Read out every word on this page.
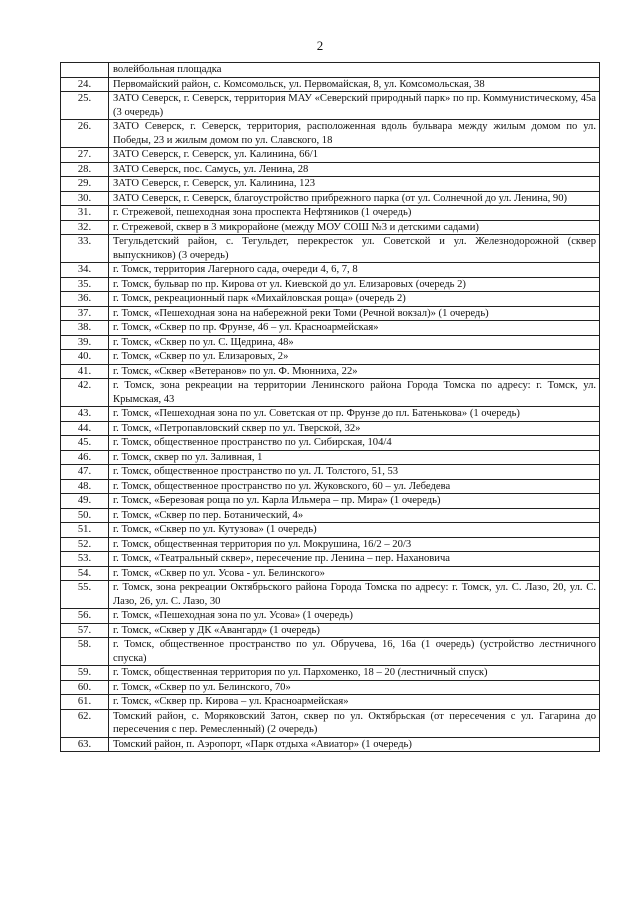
2
	волейбольная площадка
24.	Первомайский район, с. Комсомольск, ул. Первомайская, 8, ул. Комсомольская, 38
25.	ЗАТО Северск, г. Северск, территория МАУ «Северский природный парк» по пр. Коммунистическому, 45а (3 очередь)
26.	ЗАТО Северск, г. Северск, территория, расположенная вдоль бульвара между жилым домом по ул. Победы, 23 и жилым домом по ул. Славского, 18
27.	ЗАТО Северск, г. Северск, ул. Калинина, 66/1
28.	ЗАТО Северск, пос. Самусь, ул. Ленина, 28
29.	ЗАТО Северск, г. Северск, ул. Калинина, 123
30.	ЗАТО Северск, г. Северск, благоустройство прибрежного парка (от ул. Солнечной до ул. Ленина, 90)
31.	г. Стрежевой, пешеходная зона проспекта Нефтяников (1 очередь)
32.	г. Стрежевой, сквер в 3 микрорайоне (между МОУ СОШ №3 и детскими садами)
33.	Тегульдетский район, с. Тегульдет, перекресток ул. Советской и ул. Железнодорожной (сквер выпускников) (3 очередь)
34.	г. Томск, территория Лагерного сада, очереди 4, 6, 7, 8
35.	г. Томск, бульвар по пр. Кирова от ул. Киевской до ул. Елизаровых (очередь 2)
36.	г. Томск, рекреационный парк «Михайловская роща» (очередь 2)
37.	г. Томск, «Пешеходная зона на набережной реки Томи (Речной вокзал)» (1 очередь)
38.	г. Томск, «Сквер по пр. Фрунзе, 46 – ул. Красноармейская»
39.	г. Томск, «Сквер по ул. С. Щедрина, 48»
40.	г. Томск, «Сквер по ул. Елизаровых, 2»
41.	г. Томск, «Сквер «Ветеранов» по ул. Ф. Мюнниха, 22»
42.	г. Томск, зона рекреации на территории Ленинского района Города Томска по адресу: г. Томск, ул. Крымская, 43
43.	г. Томск, «Пешеходная зона по ул. Советская от пр. Фрунзе до пл. Батенькова» (1 очередь)
44.	г. Томск, «Петропавловский сквер по ул. Тверской, 32»
45.	г. Томск, общественное пространство по ул. Сибирская, 104/4
46.	г. Томск, сквер по ул. Заливная, 1
47.	г. Томск, общественное пространство по ул. Л. Толстого, 51, 53
48.	г. Томск, общественное пространство по ул. Жуковского, 60 – ул. Лебедева
49.	г. Томск, «Березовая роща по ул. Карла Ильмера – пр. Мира» (1 очередь)
50.	г. Томск, «Сквер по пер. Ботанический, 4»
51.	г. Томск, «Сквер по ул. Кутузова» (1 очередь)
52.	г. Томск, общественная территория по ул. Мокрушина, 16/2 – 20/3
53.	г. Томск, «Театральный сквер», пересечение пр. Ленина – пер. Нахановича
54.	г. Томск, «Сквер по ул. Усова - ул. Белинского»
55.	г. Томск, зона рекреации Октябрьского района Города Томска по адресу: г. Томск, ул. С. Лазо, 20, ул. С. Лазо, 26, ул. С. Лазо, 30
56.	г. Томск, «Пешеходная зона по ул. Усова» (1 очередь)
57.	г. Томск, «Сквер у ДК «Авангард» (1 очередь)
58.	г. Томск, общественное пространство по ул. Обручева, 16, 16а (1 очередь) (устройство лестничного спуска)
59.	г. Томск, общественная территория по ул. Пархоменко, 18 – 20 (лестничный спуск)
60.	г. Томск, «Сквер по ул. Белинского, 70»
61.	г. Томск, «Сквер пр. Кирова – ул. Красноармейская»
62.	Томский район, с. Моряковский Затон, сквер по ул. Октябрьская (от пересечения с ул. Гагарина до пересечения с пер. Ремесленный) (2 очередь)
63.	Томский район, п. Аэропорт, «Парк отдыха «Авиатор» (1 очередь)
